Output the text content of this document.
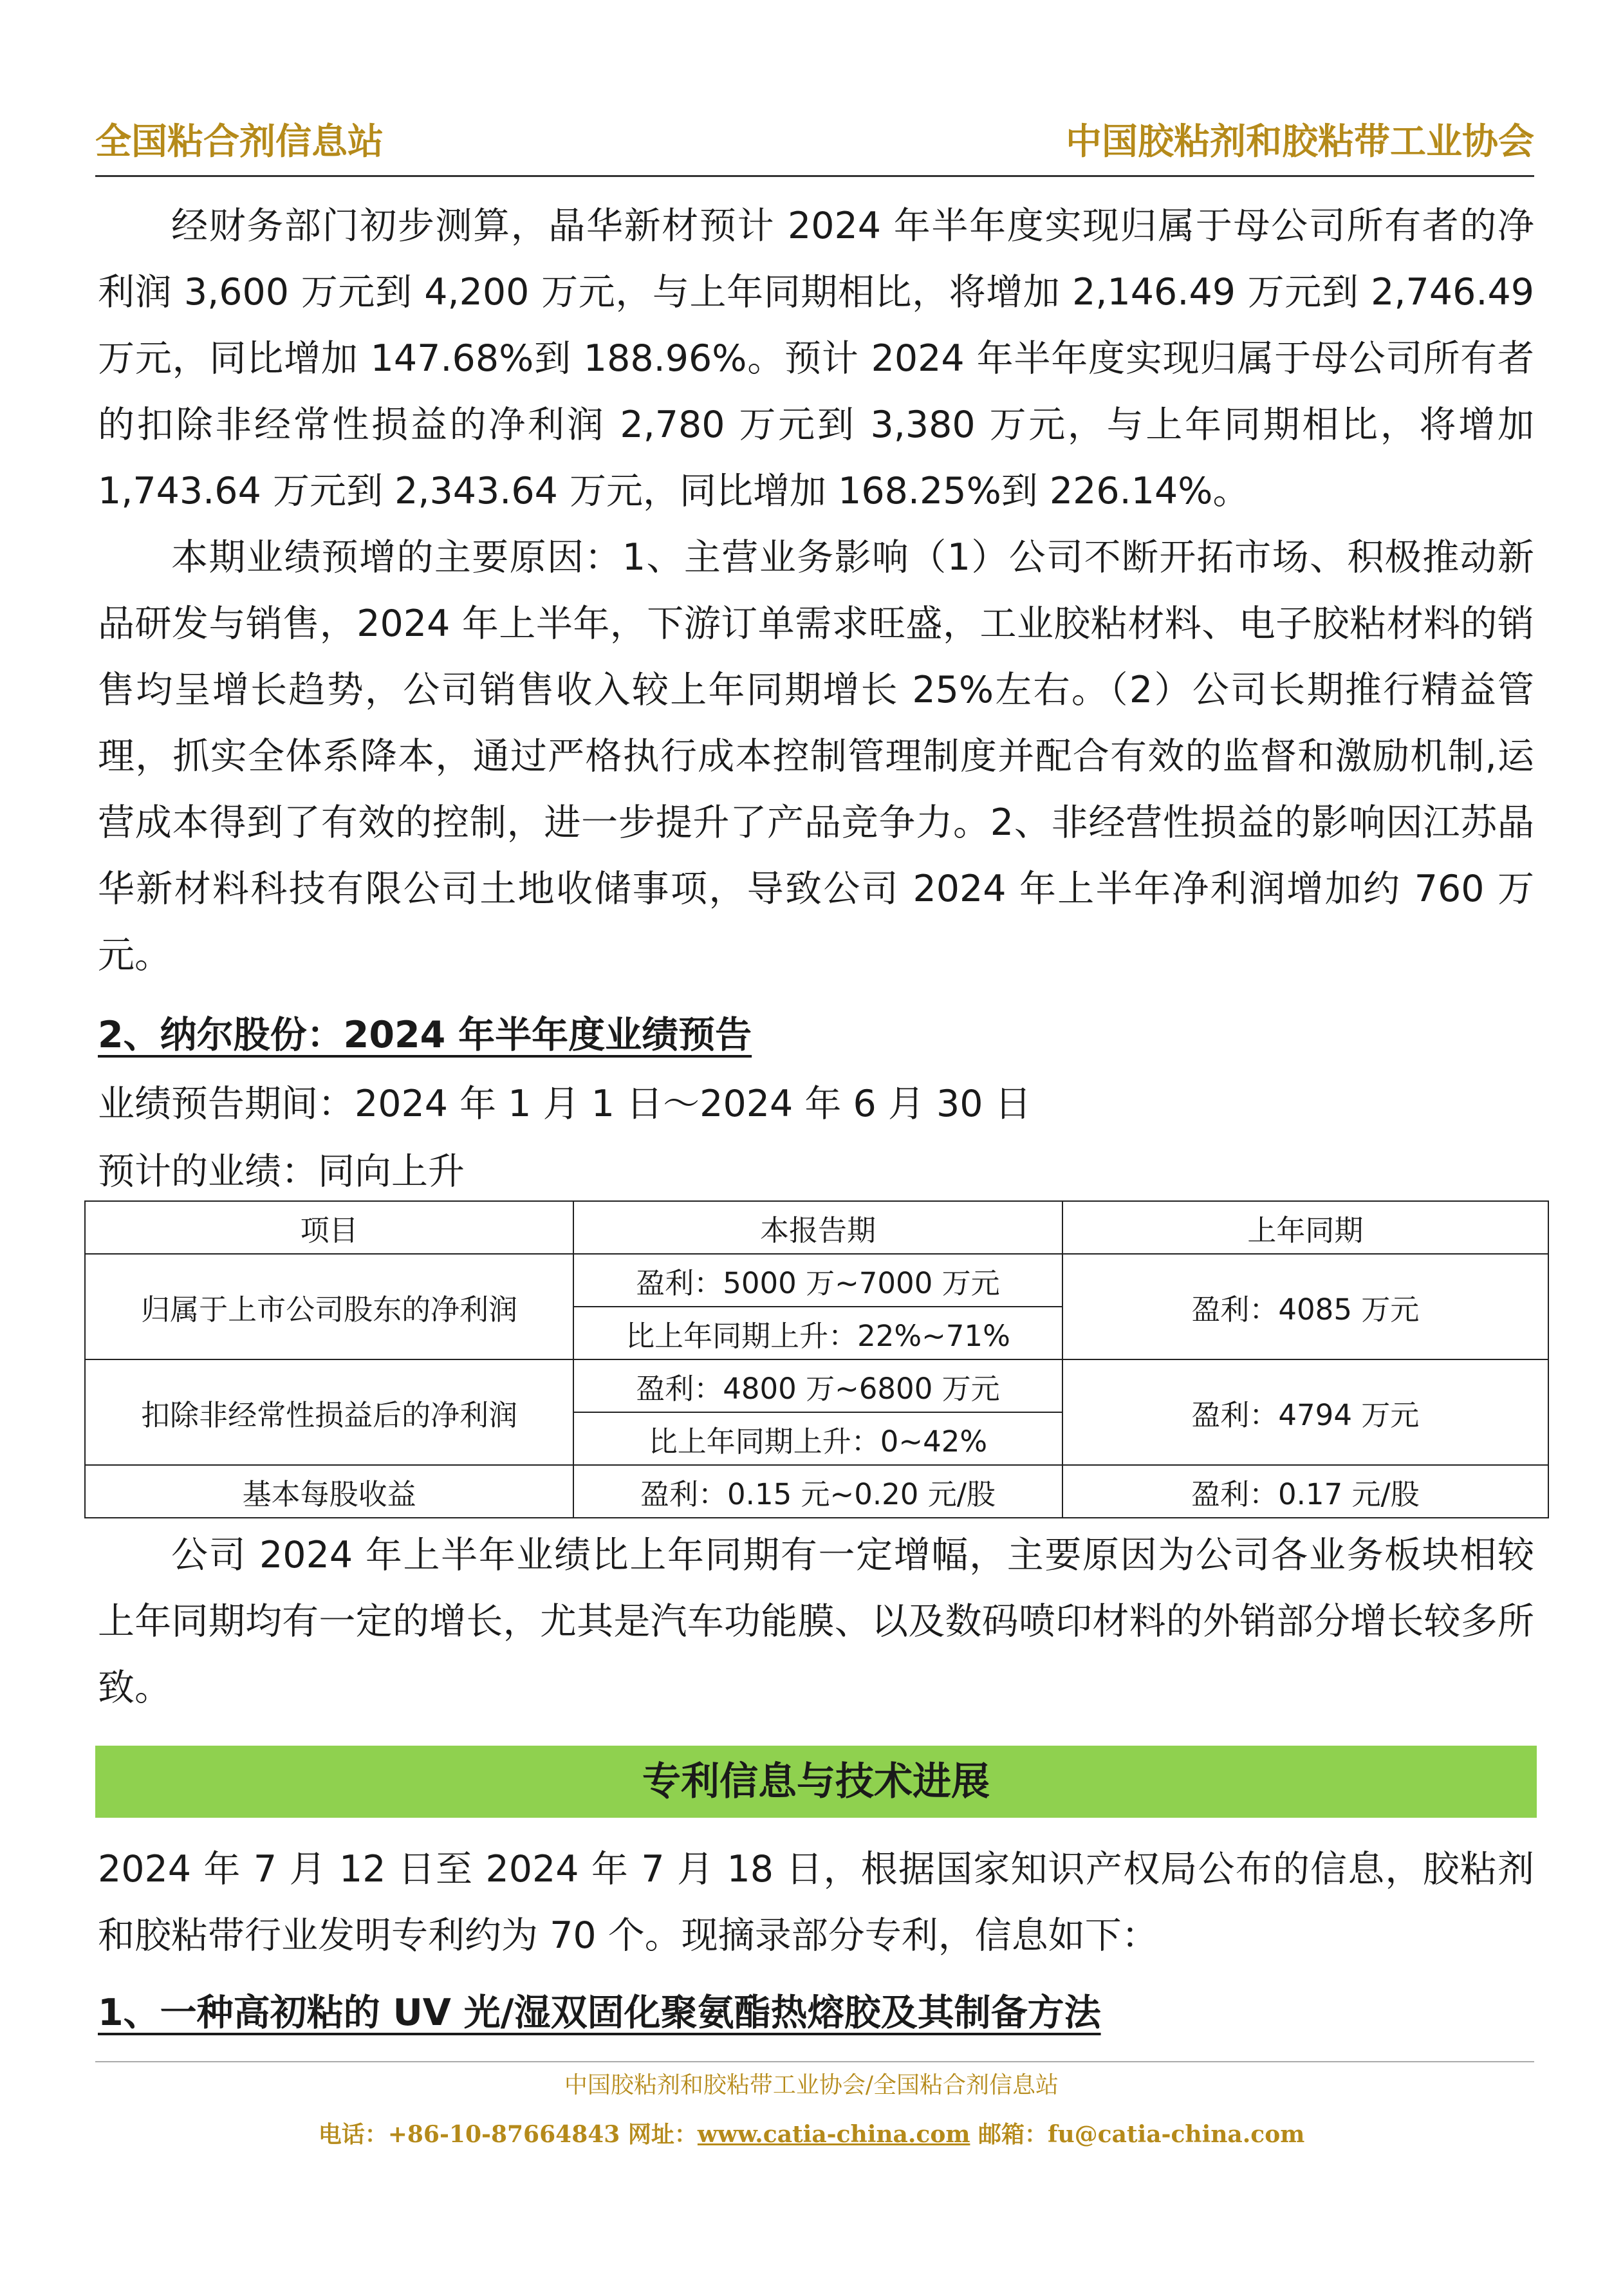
全国粘合剂信息站	中国胶粘剂和胶粘带工业协会

经财务部门初步测算，晶华新材预计 2024 年半年度实现归属于母公司所有者的净利润 3,600 万元到 4,200 万元，与上年同期相比，将增加 2,146.49 万元到 2,746.49 万元，同比增加 147.68%到 188.96%。预计 2024 年半年度实现归属于母公司所有者的扣除非经常性损益的净利润 2,780 万元到 3,380 万元，与上年同期相比，将增加 1,743.64 万元到 2,343.64 万元，同比增加 168.25%到 226.14%。

本期业绩预增的主要原因：1、主营业务影响（1）公司不断开拓市场、积极推动新品研发与销售，2024 年上半年，下游订单需求旺盛，工业胶粘材料、电子胶粘材料的销售均呈增长趋势，公司销售收入较上年同期增长 25%左右。（2）公司长期推行精益管理，抓实全体系降本，通过严格执行成本控制管理制度并配合有效的监督和激励机制,运营成本得到了有效的控制，进一步提升了产品竞争力。2、非经营性损益的影响因江苏晶华新材料科技有限公司土地收储事项，导致公司 2024 年上半年净利润增加约 760 万元。

2、纳尔股份：2024 年半年度业绩预告
业绩预告期间：2024 年 1 月 1 日～2024 年 6 月 30 日
预计的业绩：同向上升
项目	本报告期	上年同期
归属于上市公司股东的净利润	盈利：5000 万~7000 万元	盈利：4085 万元
	比上年同期上升：22%~71%	
扣除非经常性损益后的净利润	盈利：4800 万~6800 万元	盈利：4794 万元
	比上年同期上升：0~42%	
基本每股收益	盈利：0.15 元~0.20 元/股	盈利：0.17 元/股

公司 2024 年上半年业绩比上年同期有一定增幅，主要原因为公司各业务板块相较上年同期均有一定的增长，尤其是汽车功能膜、以及数码喷印材料的外销部分增长较多所致。

专利信息与技术进展

2024 年 7 月 12 日至 2024 年 7 月 18 日，根据国家知识产权局公布的信息，胶粘剂和胶粘带行业发明专利约为 70 个。现摘录部分专利，信息如下：

1、一种高初粘的 UV 光/湿双固化聚氨酯热熔胶及其制备方法
中国胶粘剂和胶粘带工业协会/全国粘合剂信息站
电话：+86-10-87664843 网址：www.catia-china.com 邮箱：fu@catia-china.com
